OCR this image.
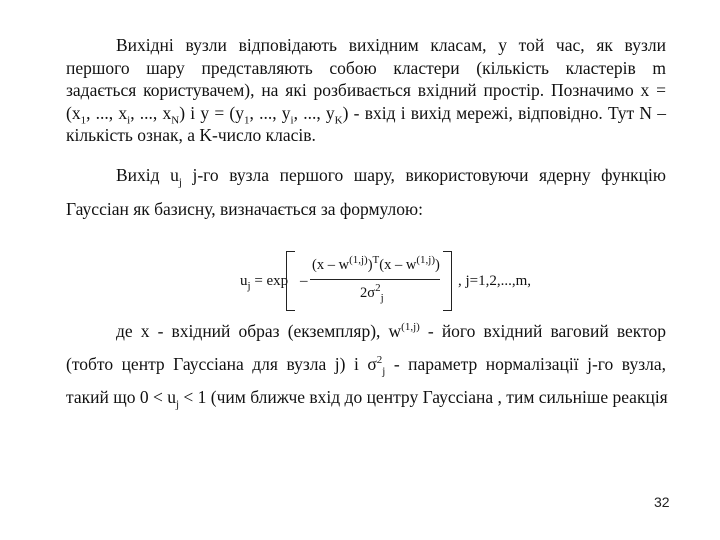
Вихідні вузли відповідають вихідним класам, у той час, як вузли
першого шару представляють собою кластери (кількість кластерів m
задається користувачем), на які розбивається вхідний простір. Позначимо x =
($x_1$, ..., $x_i$, ..., $x_N$) і $y = (y_1$, ..., $y_i$, ..., $y_K$) - вхід і вихід мережі, відповідно. Тут N –
кількість ознак, а K-число класів.
Вихід $u_j$ j-го вузла першого шару, використовуючи ядерну функцію
Гауссіан як базисну, визначається за формулою:
$u_j = \exp$ –
$(x - w^{(1,j)})^T(x - w^{(1,j)})$
$2\sigma^2_j$
, j=1,2,...,m,
де x - вхідний образ (екземпляр), $w^{(1,j)}$ - його вхідний ваговий вектор
(тобто центр Гауссіана для вузла j) і $\sigma^2_j$ - параметр нормалізації j-го вузла,
такий що $0 < u_j < 1$ (чим ближче вхід до центру Гауссіана , тим сильніше реакція
32
